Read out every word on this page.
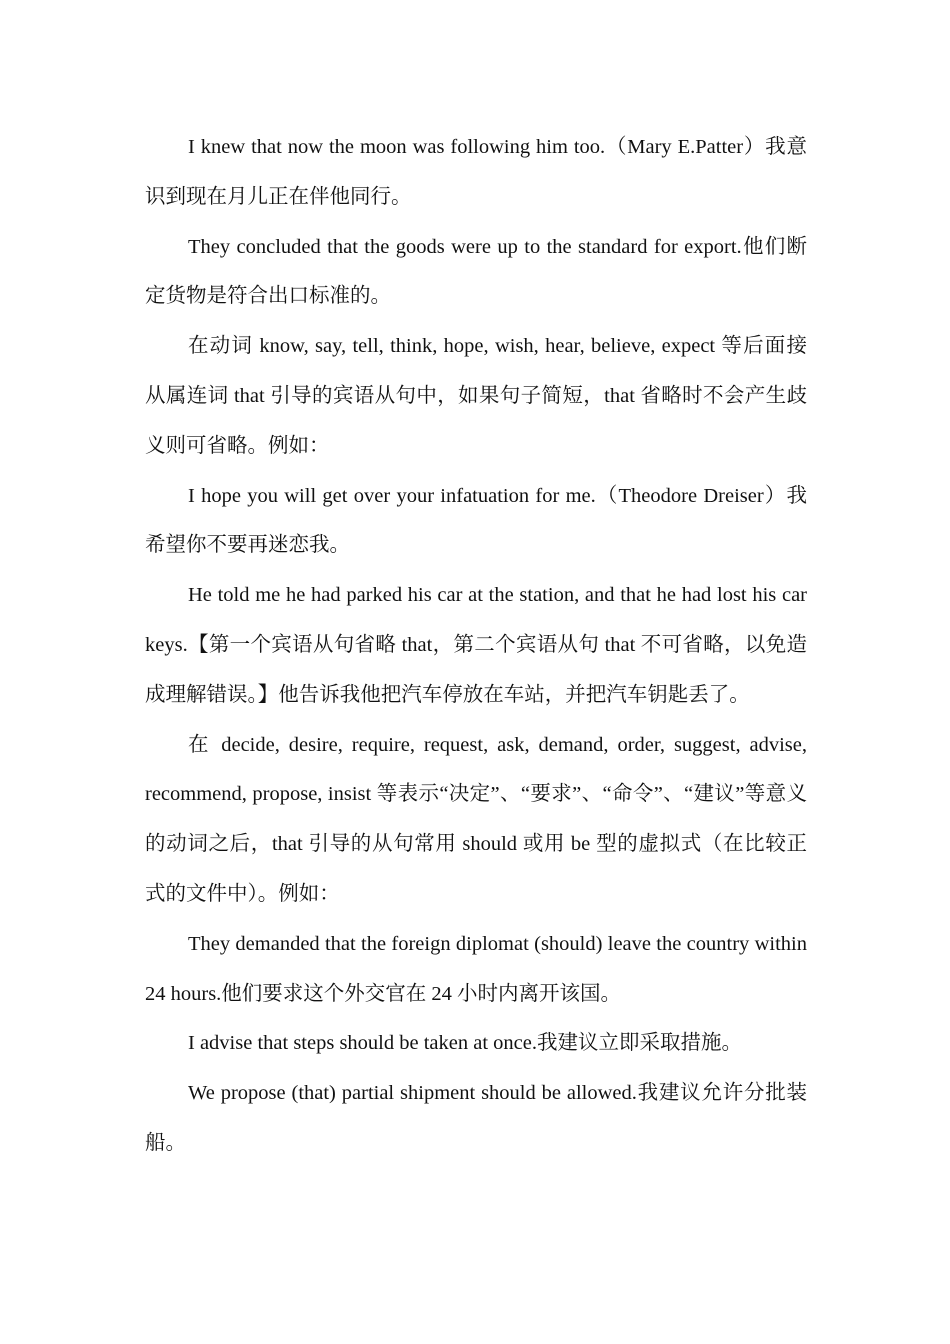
I knew that now the moon was following him too.（Mary E.Patter）我意识到现在月儿正在伴他同行。

They concluded that the goods were up to the standard for export.他们断定货物是符合出口标准的。

在动词 know, say, tell, think, hope, wish, hear, believe, expect 等后面接从属连词 that 引导的宾语从句中，如果句子简短，that 省略时不会产生歧义则可省略。例如：

I hope you will get over your infatuation for me.（Theodore Dreiser）我希望你不要再迷恋我。

He told me he had parked his car at the station, and that he had lost his car keys.【第一个宾语从句省略 that，第二个宾语从句 that 不可省略，以免造成理解错误。】他告诉我他把汽车停放在车站，并把汽车钥匙丢了。

在 decide, desire, require, request, ask, demand, order, suggest, advise, recommend, propose, insist 等表示“决定”、“要求”、“命令”、“建议”等意义的动词之后，that 引导的从句常用 should 或用 be 型的虚拟式（在比较正式的文件中）。例如：

They demanded that the foreign diplomat (should) leave the country within 24 hours.他们要求这个外交官在 24 小时内离开该国。

I advise that steps should be taken at once.我建议立即采取措施。

We propose (that) partial shipment should be allowed.我建议允许分批装船。
